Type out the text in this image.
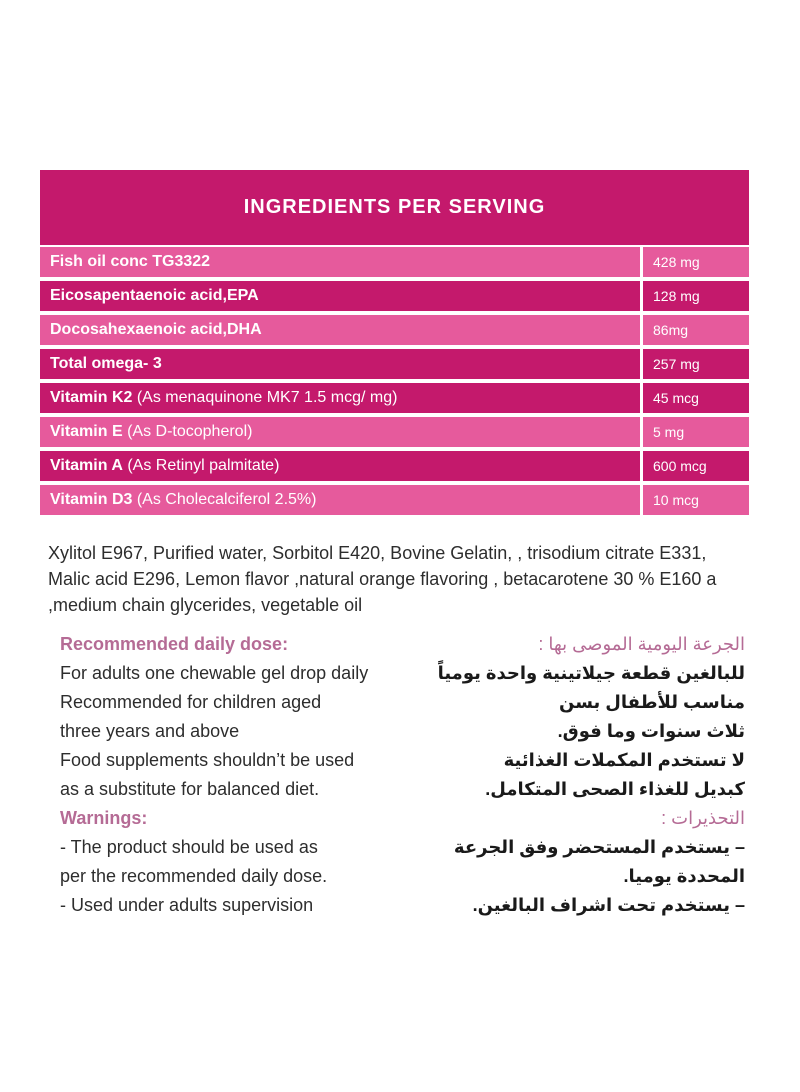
INGREDIENTS PER SERVING
Fish oil conc TG3322	428 mg
Eicosapentaenoic acid,EPA	128 mg
Docosahexaenoic acid,DHA	86mg
Total omega- 3	257 mg
Vitamin K2 (As menaquinone MK7 1.5 mcg/ mg)	45 mcg
Vitamin E (As D-tocopherol)	5 mg
Vitamin A (As Retinyl palmitate)	600 mcg
Vitamin D3 (As Cholecalciferol 2.5%)	10 mcg
Xylitol E967, Purified water, Sorbitol E420, Bovine Gelatin, , trisodium citrate E331,
Malic acid E296, Lemon flavor ,natural orange flavoring , betacarotene 30 % E160 a
,medium chain glycerides, vegetable oil
Recommended daily dose:
For adults one chewable gel drop daily
Recommended for children aged
three years and above
Food supplements shouldn’t be used
as a substitute for balanced diet.
Warnings:
- The product should be used as
per the recommended daily dose.
- Used under adults supervision
الجرعة اليومية الموصى بها :
للبالغين قطعة جيلاتينية واحدة يومياً
مناسب للأطفال بسن
ثلاث سنوات وما فوق.
لا تستخدم المكملات الغذائية
كبديل للغذاء الصحى المتكامل.
التحذيرات :
– يستخدم المستحضر وفق الجرعة
المحددة يوميا.
– يستخدم تحت اشراف البالغين.
